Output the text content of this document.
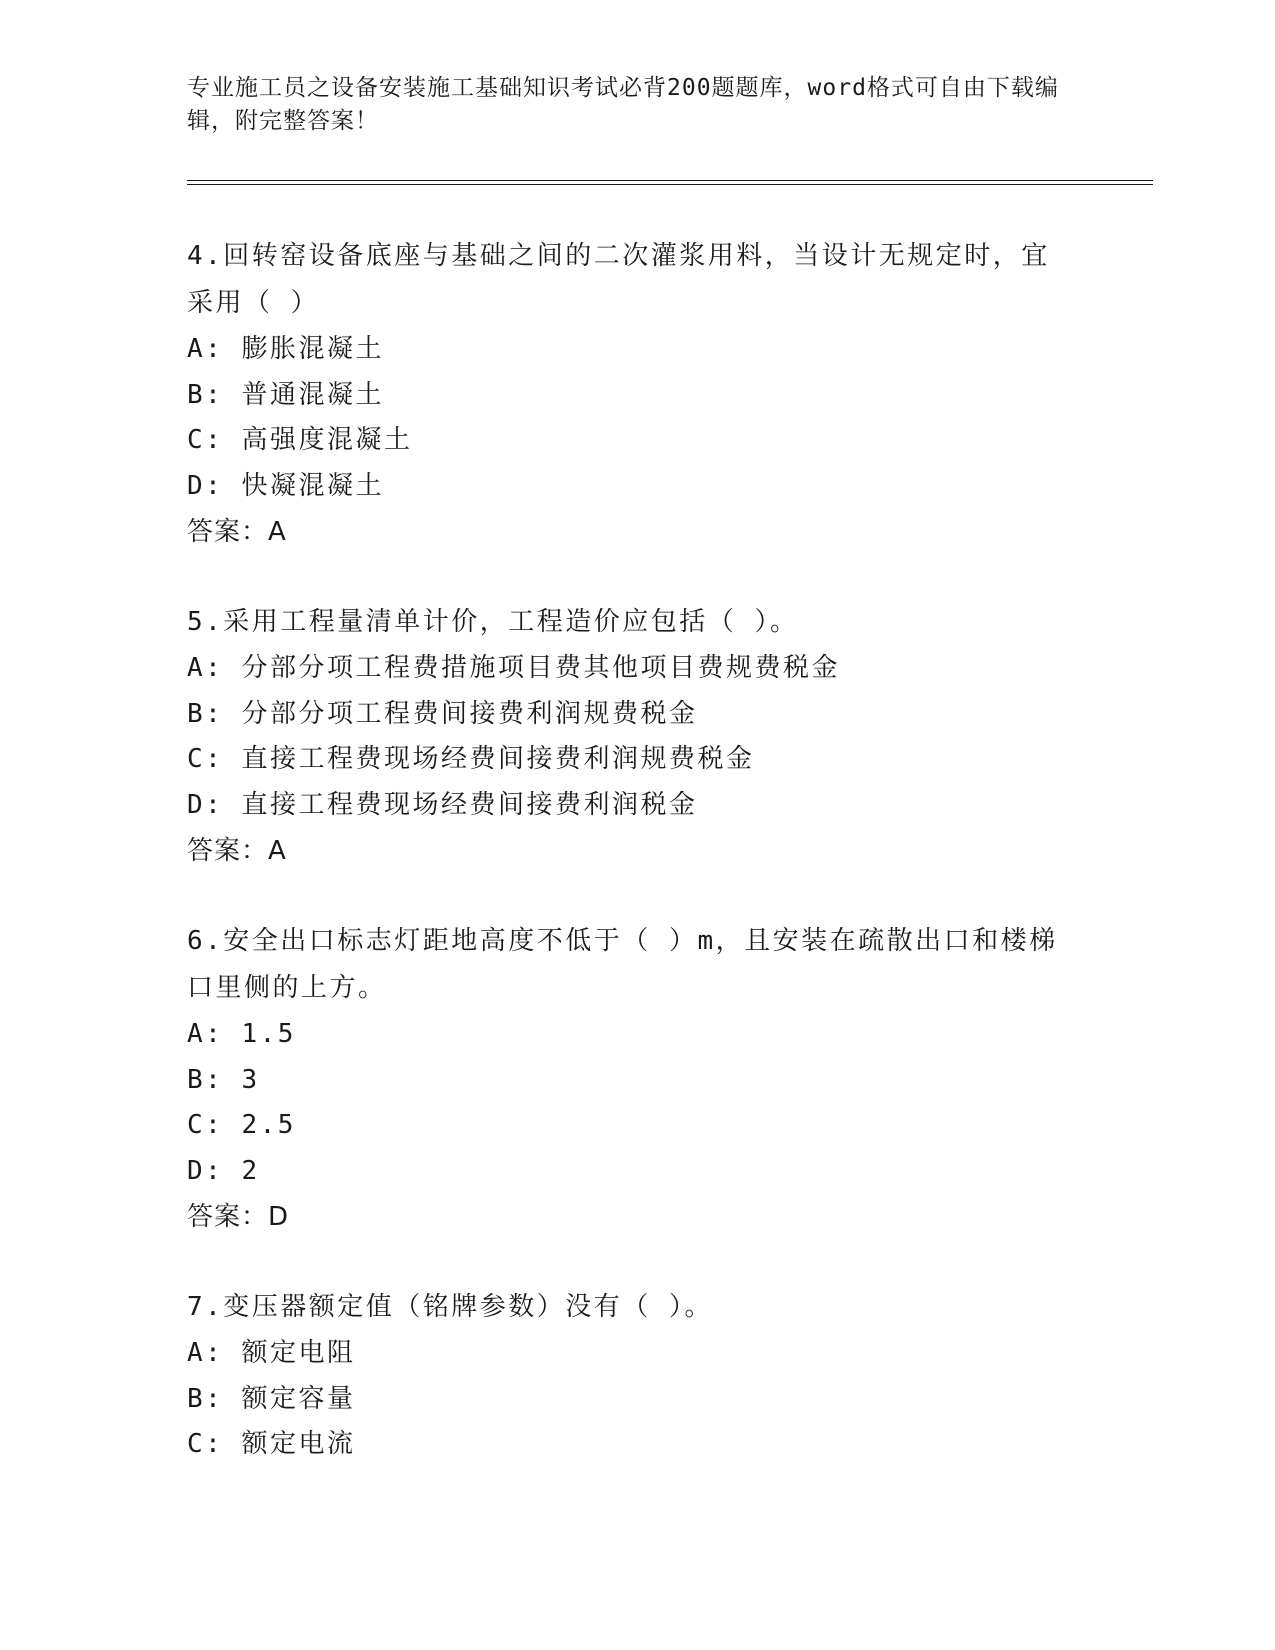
专业施工员之设备安装施工基础知识考试必背200题题库，word格式可自由下载编辑，附完整答案！
4.回转窑设备底座与基础之间的二次灌浆用料，当设计无规定时，宜采用（ ）
A: 膨胀混凝土
B: 普通混凝土
C: 高强度混凝土
D: 快凝混凝土
答案：A
5.采用工程量清单计价，工程造价应包括（ ）。
A: 分部分项工程费措施项目费其他项目费规费税金
B: 分部分项工程费间接费利润规费税金
C: 直接工程费现场经费间接费利润规费税金
D: 直接工程费现场经费间接费利润税金
答案：A
6.安全出口标志灯距地高度不低于（ ）m，且安装在疏散出口和楼梯口里侧的上方。
A: 1.5
B: 3
C: 2.5
D: 2
答案：D
7.变压器额定值（铭牌参数）没有（ ）。
A: 额定电阻
B: 额定容量
C: 额定电流
